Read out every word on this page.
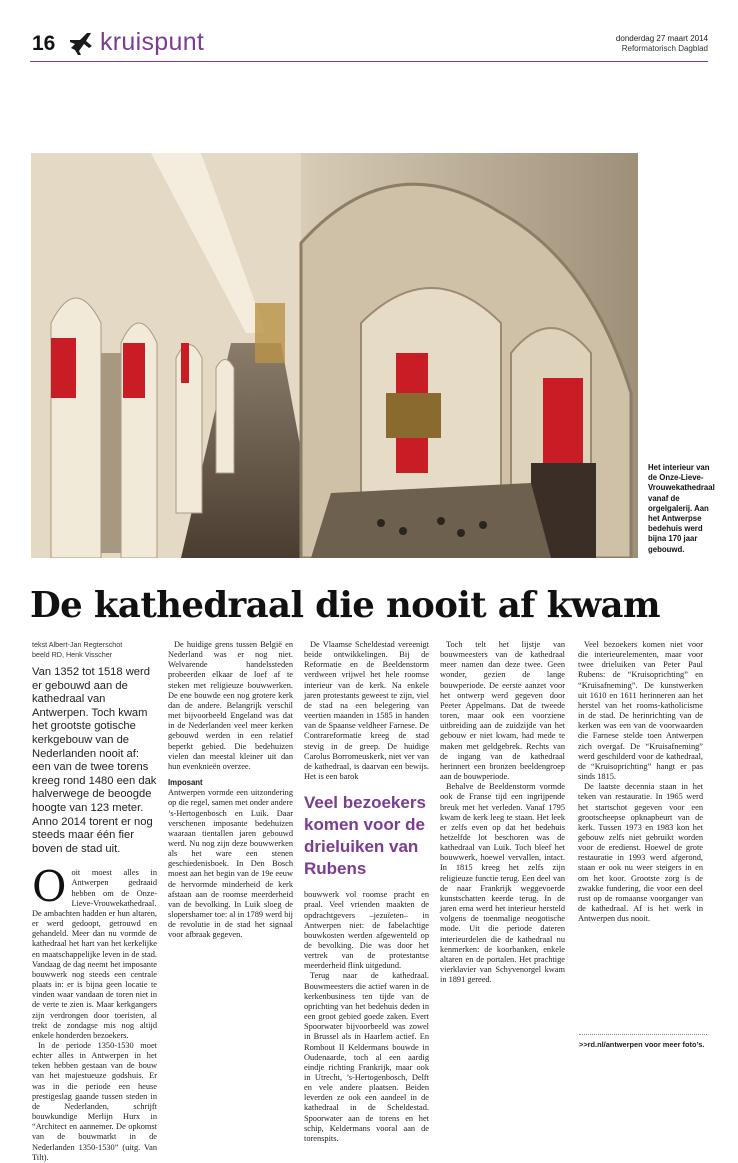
16 kruispunt	donderdag 27 maart 2014
Reformatorisch Dagblad
Het interieur van de Onze-Lieve-Vrouwekathedraal vanaf de orgelgalerij. Aan het Antwerpse bedehuis werd bijna 170 jaar gebouwd.
De kathedraal die nooit af kwam
tekst Albert-Jan Regterschot
beeld RD, Henk Visscher
Van 1352 tot 1518 werd er gebouwd aan de kathedraal van Antwerpen. Toch kwam het grootste gotische kerkgebouw van de Nederlanden nooit af: een van de twee torens kreeg rond 1480 een dak halverwege de beoogde hoogte van 123 meter. Anno 2014 torent er nog steeds maar één fier boven de stad uit.

Ooit moest alles in Antwerpen gedraaid hebben om de Onze-Lieve-Vrouwekathedraal. De ambachten hadden er hun altaren, er werd gedoopt, getrouwd en gehandeld. Meer dan nu vormde de kathedraal het hart van het kerkelijke en maatschappelijke leven in de stad. Vandaag de dag neemt het imposante bouwwerk nog steeds een centrale plaats in: er is bijna geen locatie te vinden waar vandaan de toren niet in de verte te zien is. Maar kerkgangers zijn verdrongen door toeristen, al trekt de zondagse mis nog altijd enkele honderden bezoekers.

In de periode 1350-1530 moet echter alles in Antwerpen in het teken hebben gestaan van de bouw van het majestueuze godshuis. Er was in die periode een heuse prestigeslag gaande tussen steden in de Nederlanden, schrijft bouwkundige Merlijn Hurx in “Architect en aannemer. De opkomst van de bouwmarkt in de Nederlanden 1350-1530” (uitg. Van Tilt).

De huidige grens tussen België en Nederland was er nog niet. Welvarende handelssteden probeerden elkaar de loef af te steken met religieuze bouwwerken. De ene bouwde een nog grotere kerk dan de andere. Belangrijk verschil met bijvoorbeeld Engeland was dat in de Nederlanden veel meer kerken gebouwd werden in een relatief beperkt gebied. Die bedehuizen vielen dan meestal kleiner uit dan hun evenknieën overzee.

Imposant

Antwerpen vormde een uitzondering op die regel, samen met onder andere ’s-Hertogenbosch en Luik. Daar verschenen imposante bedehuizen waaraan tientallen jaren gebouwd werd. Nu nog zijn deze bouwwerken als het ware een stenen geschiedenisboek. In Den Bosch moest aan het begin van de 19e eeuw de hervormde minderheid de kerk afstaan aan de roomse meerderheid van de bevolking. In Luik sloeg de slopershamer toe: al in 1789 werd bij de revolutie in de stad het signaal voor afbraak gegeven.

De Vlaamse Scheldestad vereenigt beide ontwikkelingen. Bij de Reformatie en de Beeldenstorm verdween vrijwel het hele roomse interieur van de kerk. Na enkele jaren protestants geweest te zijn, viel de stad na een belegering van veertien maanden in 1585 in handen van de Spaanse veldheer Farnese. De Contrareformatie kreeg de stad stevig in de greep. De huidige Carolus Borromeuskerk, niet ver van de kathedraal, is daarvan een bewijs. Het is een barok

Veel bezoekers komen voor de drieluiken van Rubens

bouwwerk vol roomse pracht en praal. Veel vrienden maakten de opdrachtgevers –jezuïeten– in Antwerpen niet: de fabelachtige bouwkosten werden afgewenteld op de bevolking. Die was door het vertrek van de protestantse meerderheid flink uitgedund.

Terug naar de kathedraal. Bouwmeesters die actief waren in de kerkenbusiness ten tijde van de oprichting van het bedehuis deden in een groot gebied goede zaken. Evert Spoorwater bijvoorbeeld was zowel in Brussel als in Haarlem actief. En Rombout II Keldermans bouwde in Oudenaarde, toch al een aardig eindje richting Frankrijk, maar ook in Utrecht, ’s-Hertogenbosch, Delft en vele andere plaatsen. Beiden leverden ze ook een aandeel in de kathedraal in de Scheldestad. Spoorwater aan de torens en het schip, Keldermans vooral aan de torenspits.

Toch telt het lijstje van bouwmeesters van de kathedraal meer namen dan deze twee. Geen wonder, gezien de lange bouwperiode. De eerste aanzet voor het ontwerp werd gegeven door Peeter Appelmans. Dat de tweede toren, maar ook een voorziene uitbreiding aan de zuidzijde van het gebouw er niet kwam, had mede te maken met geldgebrek. Rechts van de ingang van de kathedraal herinnert een bronzen beeldengroep aan de bouwperiode.

Behalve de Beeldenstorm vormde ook de Franse tijd een ingrijpende breuk met het verleden. Vanaf 1795 kwam de kerk leeg te staan. Het leek er zelfs even op dat het bedehuis hetzelfde lot beschoren was de kathedraal van Luik. Toch bleef het bouwwerk, hoewel vervallen, intact. In 1815 kreeg het zelfs zijn religieuze functie terug. Een deel van de naar Frankrijk weggevoerde kunstschatten keerde terug. In de jaren erna werd het interieur hersteld volgens de toenmalige neogotische mode. Uit die periode dateren interieurdelen die de kathedraal nu kenmerken: de koorbanken, enkele altaren en de portalen. Het prachtige vierklavier van Schyvenorgel kwam in 1891 gereed.

Veel bezoekers komen niet voor die interieurelementen, maar voor twee drieluiken van Peter Paul Rubens: de “Kruisoprichting” en “Kruisafneming”. De kunstwerken uit 1610 en 1611 herinneren aan het herstel van het rooms-katholicisme in de stad. De herinrichting van de kerken was een van de voorwaarden die Farnese stelde toen Antwerpen zich overgaf. De “Kruisafneming” werd geschilderd voor de kathedraal, de “Kruisoprichting” hangt er pas sinds 1815.

De laatste decennia staan in het teken van restauratie. In 1965 werd het startschot gegeven voor een grootscheepse opknapbeurt van de kerk. Tussen 1973 en 1983 kon het gebouw zelfs niet gebruikt worden voor de eredienst. Hoewel de grote restauratie in 1993 werd afgerond, staan er ook nu weer steigers in en om het koor. Grootste zorg is de zwakke fundering, die voor een deel rust op de romaanse voorganger van de kathedraal. Af is het werk in Antwerpen dus nooit.

>>rd.nl/antwerpen voor meer foto’s.
